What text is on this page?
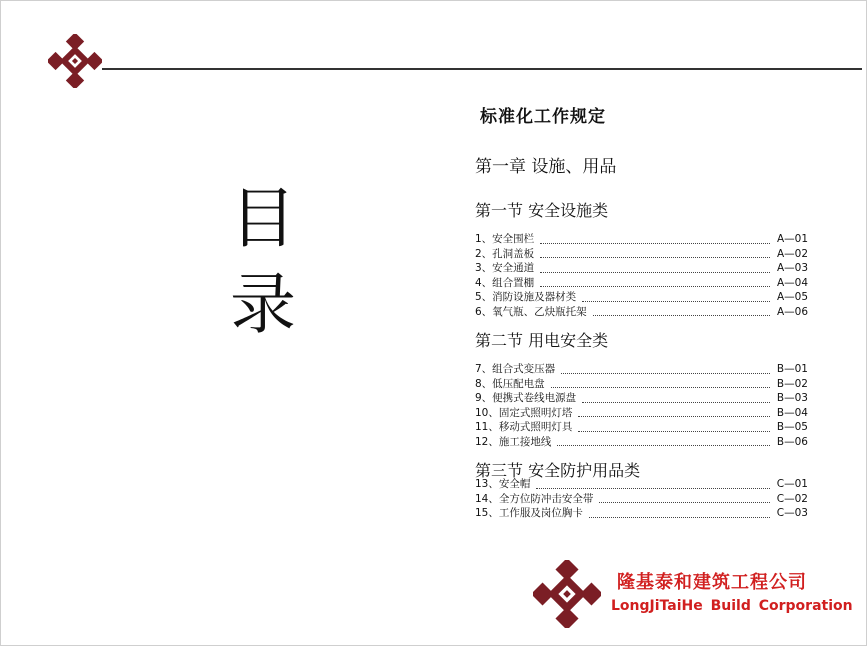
目
录
标准化工作规定
第一章 设施、用品
第一节 安全设施类
1、安全围栏	A—01
2、孔洞盖板	A—02
3、安全通道	A—03
4、组合置棚	A—04
5、消防设施及器材类	A—05
6、氧气瓶、乙炔瓶托架	A—06
第二节 用电安全类
7、组合式变压器	B—01
8、低压配电盘	B—02
9、便携式卷线电源盘	B—03
10、固定式照明灯塔	B—04
11、移动式照明灯具	B—05
12、施工接地线	B—06
第三节 安全防护用品类
13、安全帽	C—01
14、全方位防冲击安全带	C—02
15、工作服及岗位胸卡	C—03
隆基泰和建筑工程公司
LongJiTaiHe Build Corporation
